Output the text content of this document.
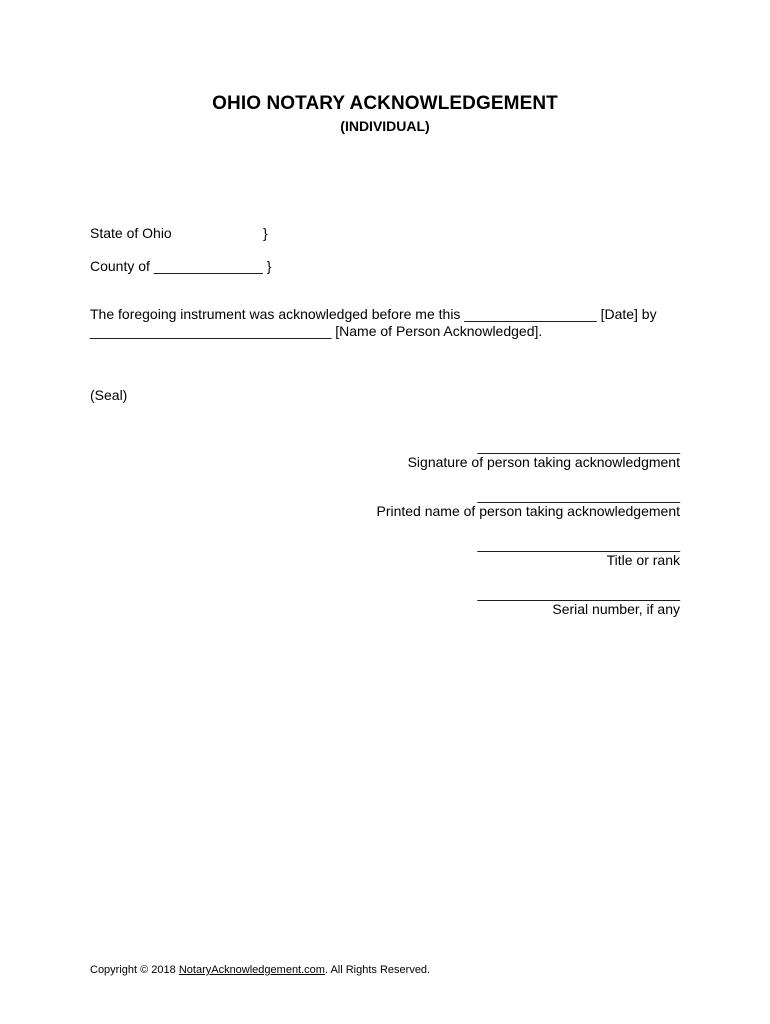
OHIO NOTARY ACKNOWLEDGEMENT
(INDIVIDUAL)
State of Ohio	}
County of ______________ }
The foregoing instrument was acknowledged before me this _________________ [Date] by
_______________________________ [Name of Person Acknowledged].
(Seal)
__________________________
Signature of person taking acknowledgment
__________________________
Printed name of person taking acknowledgement
__________________________
Title or rank
__________________________
Serial number, if any
Copyright © 2018 NotaryAcknowledgement.com. All Rights Reserved.
